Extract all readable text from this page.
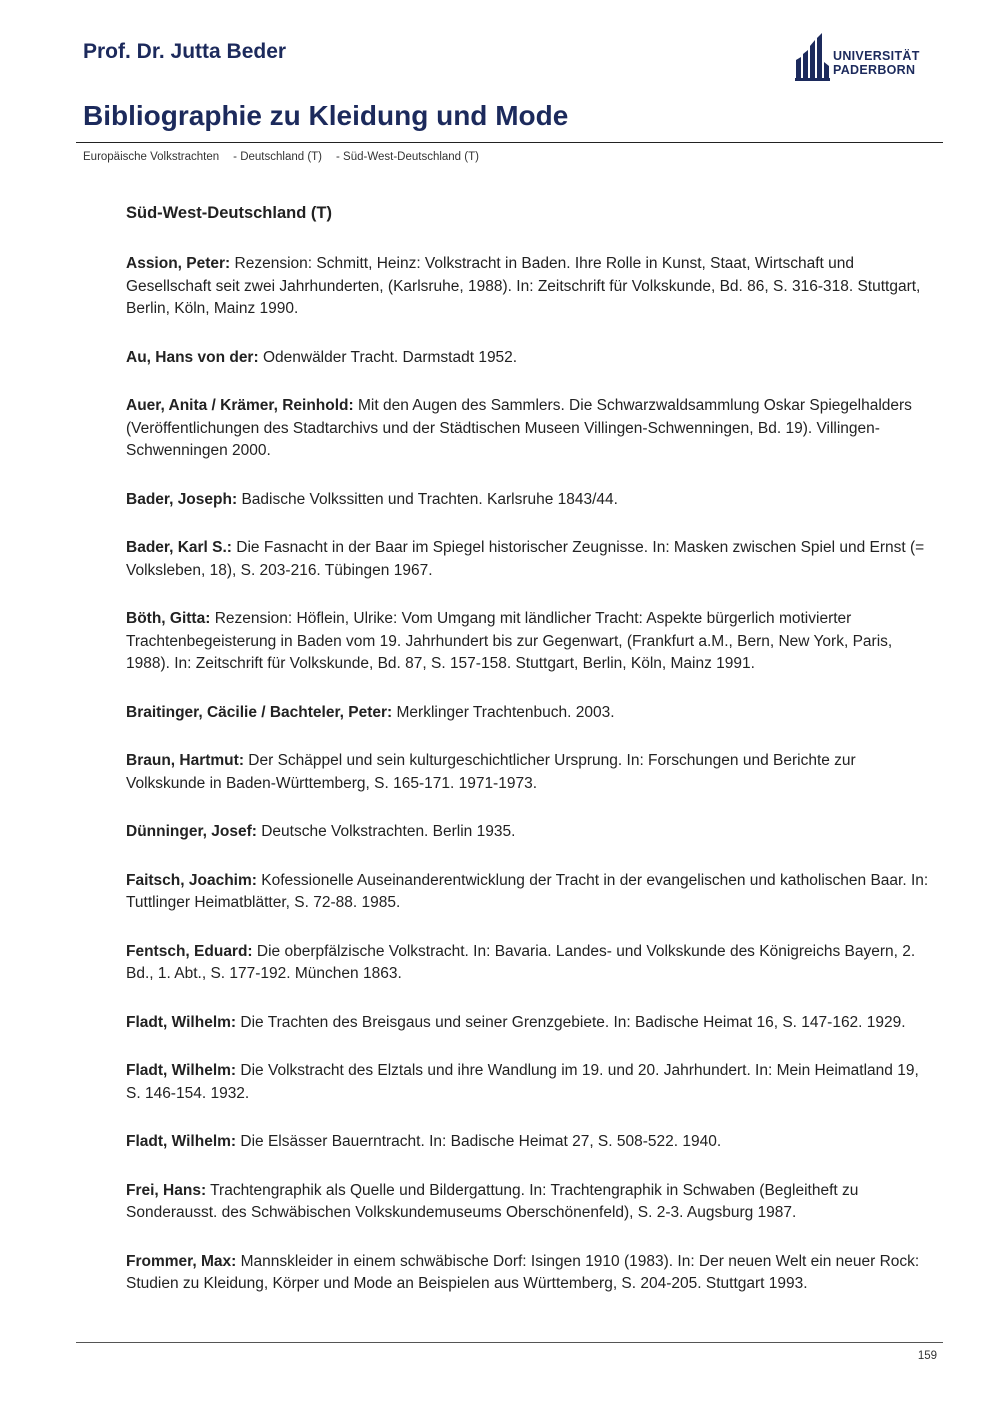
Prof. Dr. Jutta Beder	UNIVERSITÄT
PADERBORN
Bibliographie zu Kleidung und Mode
Europäische Volkstrachten - Deutschland (T) - Süd-West-Deutschland (T)
Süd-West-Deutschland (T)

Assion, Peter: Rezension: Schmitt, Heinz: Volkstracht in Baden. Ihre Rolle in Kunst, Staat, Wirtschaft und Gesellschaft seit zwei Jahrhunderten, (Karlsruhe, 1988). In: Zeitschrift für Volkskunde, Bd. 86, S. 316-318. Stuttgart, Berlin, Köln, Mainz 1990.

Au, Hans von der: Odenwälder Tracht. Darmstadt 1952.

Auer, Anita / Krämer, Reinhold: Mit den Augen des Sammlers. Die Schwarzwaldsammlung Oskar Spiegelhalders (Veröffentlichungen des Stadtarchivs und der Städtischen Museen Villingen-Schwenningen, Bd. 19). Villingen-Schwenningen 2000.

Bader, Joseph: Badische Volkssitten und Trachten. Karlsruhe 1843/44.

Bader, Karl S.: Die Fasnacht in der Baar im Spiegel historischer Zeugnisse. In: Masken zwischen Spiel und Ernst (= Volksleben, 18), S. 203-216. Tübingen 1967.

Böth, Gitta: Rezension: Höflein, Ulrike: Vom Umgang mit ländlicher Tracht: Aspekte bürgerlich motivierter Trachtenbegeisterung in Baden vom 19. Jahrhundert bis zur Gegenwart, (Frankfurt a.M., Bern, New York, Paris, 1988). In: Zeitschrift für Volkskunde, Bd. 87, S. 157-158. Stuttgart, Berlin, Köln, Mainz 1991.

Braitinger, Cäcilie / Bachteler, Peter: Merklinger Trachtenbuch. 2003.

Braun, Hartmut: Der Schäppel und sein kulturgeschichtlicher Ursprung. In: Forschungen und Berichte zur Volkskunde in Baden-Württemberg, S. 165-171. 1971-1973.

Dünninger, Josef: Deutsche Volkstrachten. Berlin 1935.

Faitsch, Joachim: Kofessionelle Auseinanderentwicklung der Tracht in der evangelischen und katholischen Baar. In: Tuttlinger Heimatblätter, S. 72-88. 1985.

Fentsch, Eduard: Die oberpfälzische Volkstracht. In: Bavaria. Landes- und Volkskunde des Königreichs Bayern, 2. Bd., 1. Abt., S. 177-192. München 1863.

Fladt, Wilhelm: Die Trachten des Breisgaus und seiner Grenzgebiete. In: Badische Heimat 16, S. 147-162. 1929.

Fladt, Wilhelm: Die Volkstracht des Elztals und ihre Wandlung im 19. und 20. Jahrhundert. In: Mein Heimatland 19, S. 146-154. 1932.

Fladt, Wilhelm: Die Elsässer Bauerntracht. In: Badische Heimat 27, S. 508-522. 1940.

Frei, Hans: Trachtengraphik als Quelle und Bildergattung. In: Trachtengraphik in Schwaben (Begleitheft zu Sonderausst. des Schwäbischen Volkskundemuseums Oberschönenfeld), S. 2-3. Augsburg 1987.

Frommer, Max: Mannskleider in einem schwäbische Dorf: Isingen 1910 (1983). In: Der neuen Welt ein neuer Rock: Studien zu Kleidung, Körper und Mode an Beispielen aus Württemberg, S. 204-205. Stuttgart 1993.

159
